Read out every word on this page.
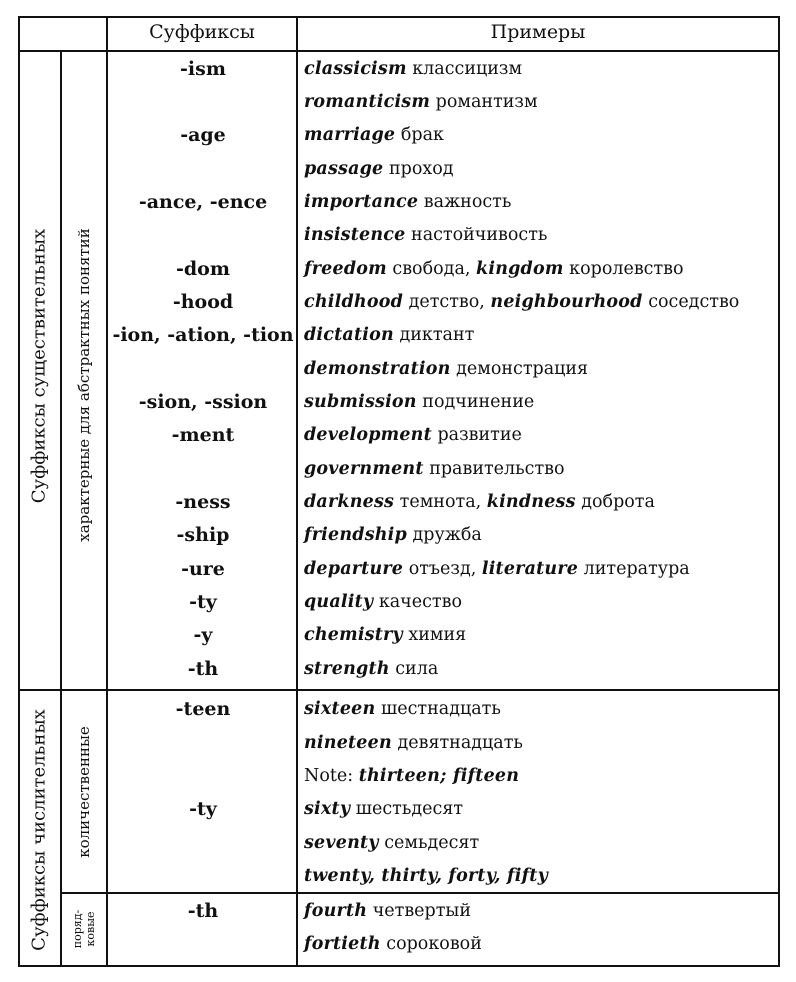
Суффиксы	Примеры
Суффиксы существительных характерные для абстрактных понятий
Суффиксы числительных количественные
поряд-
ковые
-ism	classicism классицизм
romanticism романтизм
-age	marriage брак
passage проход
-ance, -ence	importance важность
insistence настойчивость
-dom	freedom свобода, kingdom королевство
-hood	childhood детство, neighbourhood соседство
-ion, -ation, -tion dictation диктант
demonstration демонстрация
-sion, -ssion	submission подчинение
-ment	development развитие
government правительство
-ness	darkness темнота, kindness доброта
-ship	friendship дружба
-ure	departure отъезд, literature литература
-ty	quality качество
-y	chemistry химия
-th	strength сила
-teen	sixteen шестнадцать
nineteen девятнадцать
Note: thirteen; fifteen
-ty	sixty шестьдесят
seventy семьдесят
twenty, thirty, forty, fifty
-th	fourth четвертый
fortieth сороковой
